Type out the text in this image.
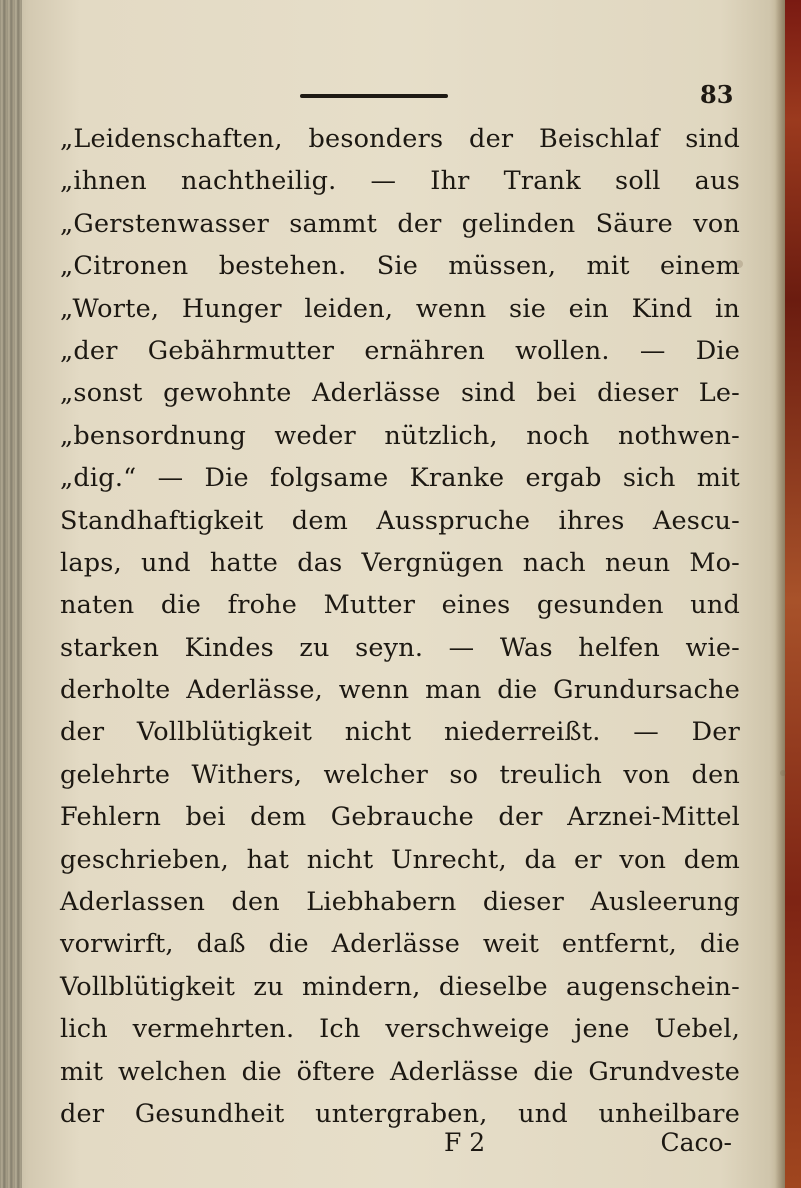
83
„Leidenschaften, besonders der Beischlaf sind
„ihnen nachtheilig. — Ihr Trank soll aus
„Gerstenwasser sammt der gelinden Säure von
„Citronen bestehen. Sie müssen, mit einem
„Worte, Hunger leiden, wenn sie ein Kind in
„der Gebährmutter ernähren wollen. — Die
„sonst gewohnte Aderlässe sind bei dieser Le-
„bensordnung weder nützlich, noch nothwen-
„dig.“ — Die folgsame Kranke ergab sich mit
Standhaftigkeit dem Ausspruche ihres Aescu-
laps, und hatte das Vergnügen nach neun Mo-
naten die frohe Mutter eines gesunden und
starken Kindes zu seyn. — Was helfen wie-
derholte Aderlässe, wenn man die Grundursache
der Vollblütigkeit nicht niederreißt. — Der
gelehrte Withers, welcher so treulich von den
Fehlern bei dem Gebrauche der Arznei-Mittel
geschrieben, hat nicht Unrecht, da er von dem
Aderlassen den Liebhabern dieser Ausleerung
vorwirft, daß die Aderlässe weit entfernt, die
Vollblütigkeit zu mindern, dieselbe augenschein-
lich vermehrten. Ich verschweige jene Uebel,
mit welchen die öftere Aderlässe die Grundveste
der Gesundheit untergraben, und unheilbare
F 2	Caco-
